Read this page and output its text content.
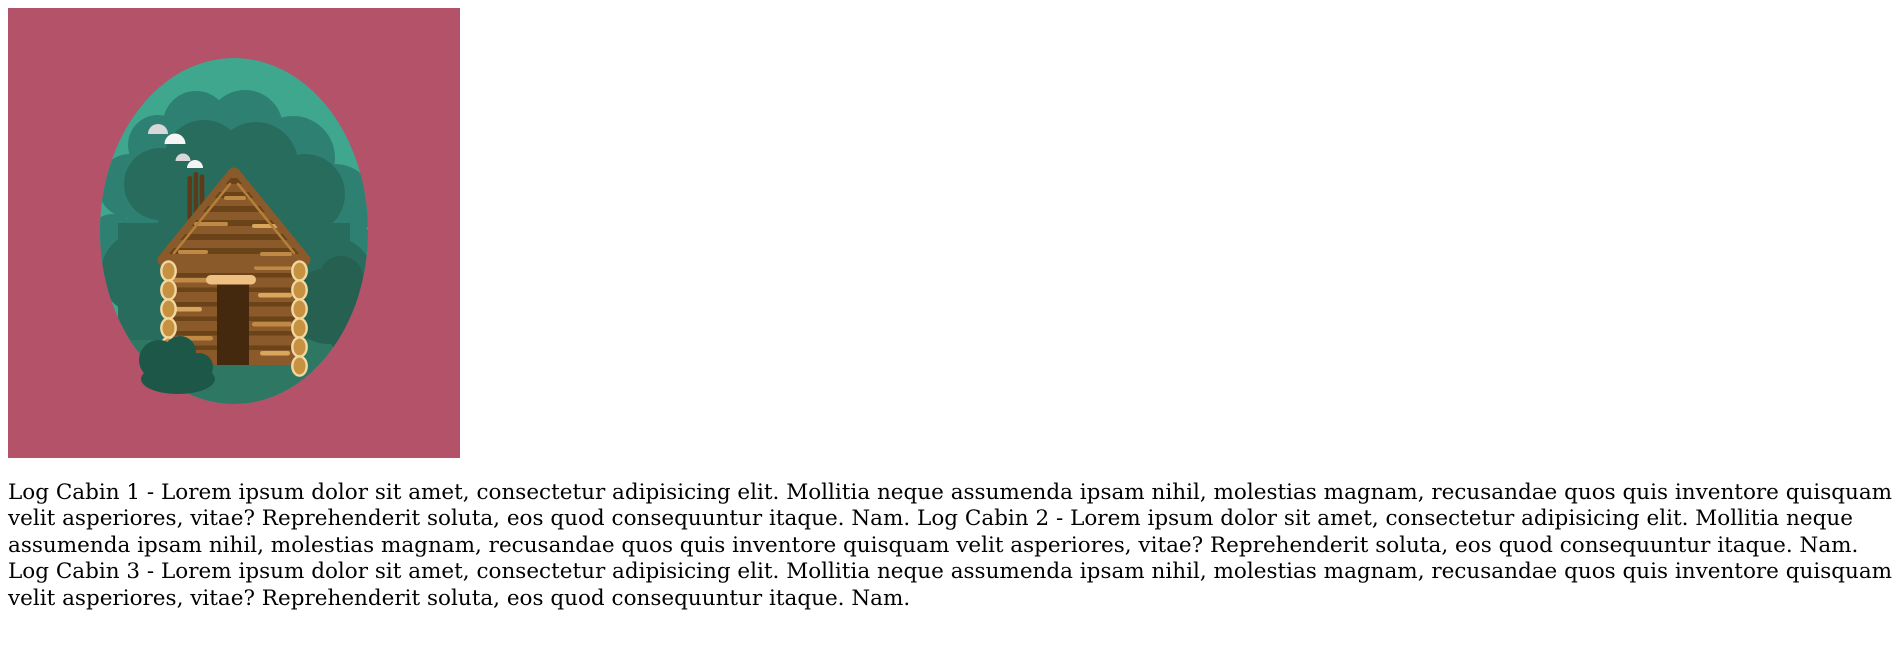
Log Cabin 1 - Lorem ipsum dolor sit amet, consectetur adipisicing elit. Mollitia neque assumenda ipsam nihil, molestias magnam, recusandae quos quis inventore quisquam velit asperiores, vitae? Reprehenderit soluta, eos quod consequuntur itaque. Nam. Log Cabin 2 - Lorem ipsum dolor sit amet, consectetur adipisicing elit. Mollitia neque assumenda ipsam nihil, molestias magnam, recusandae quos quis inventore quisquam velit asperiores, vitae? Reprehenderit soluta, eos quod consequuntur itaque. Nam. Log Cabin 3 - Lorem ipsum dolor sit amet, consectetur adipisicing elit. Mollitia neque assumenda ipsam nihil, molestias magnam, recusandae quos quis inventore quisquam velit asperiores, vitae? Reprehenderit soluta, eos quod consequuntur itaque. Nam.
